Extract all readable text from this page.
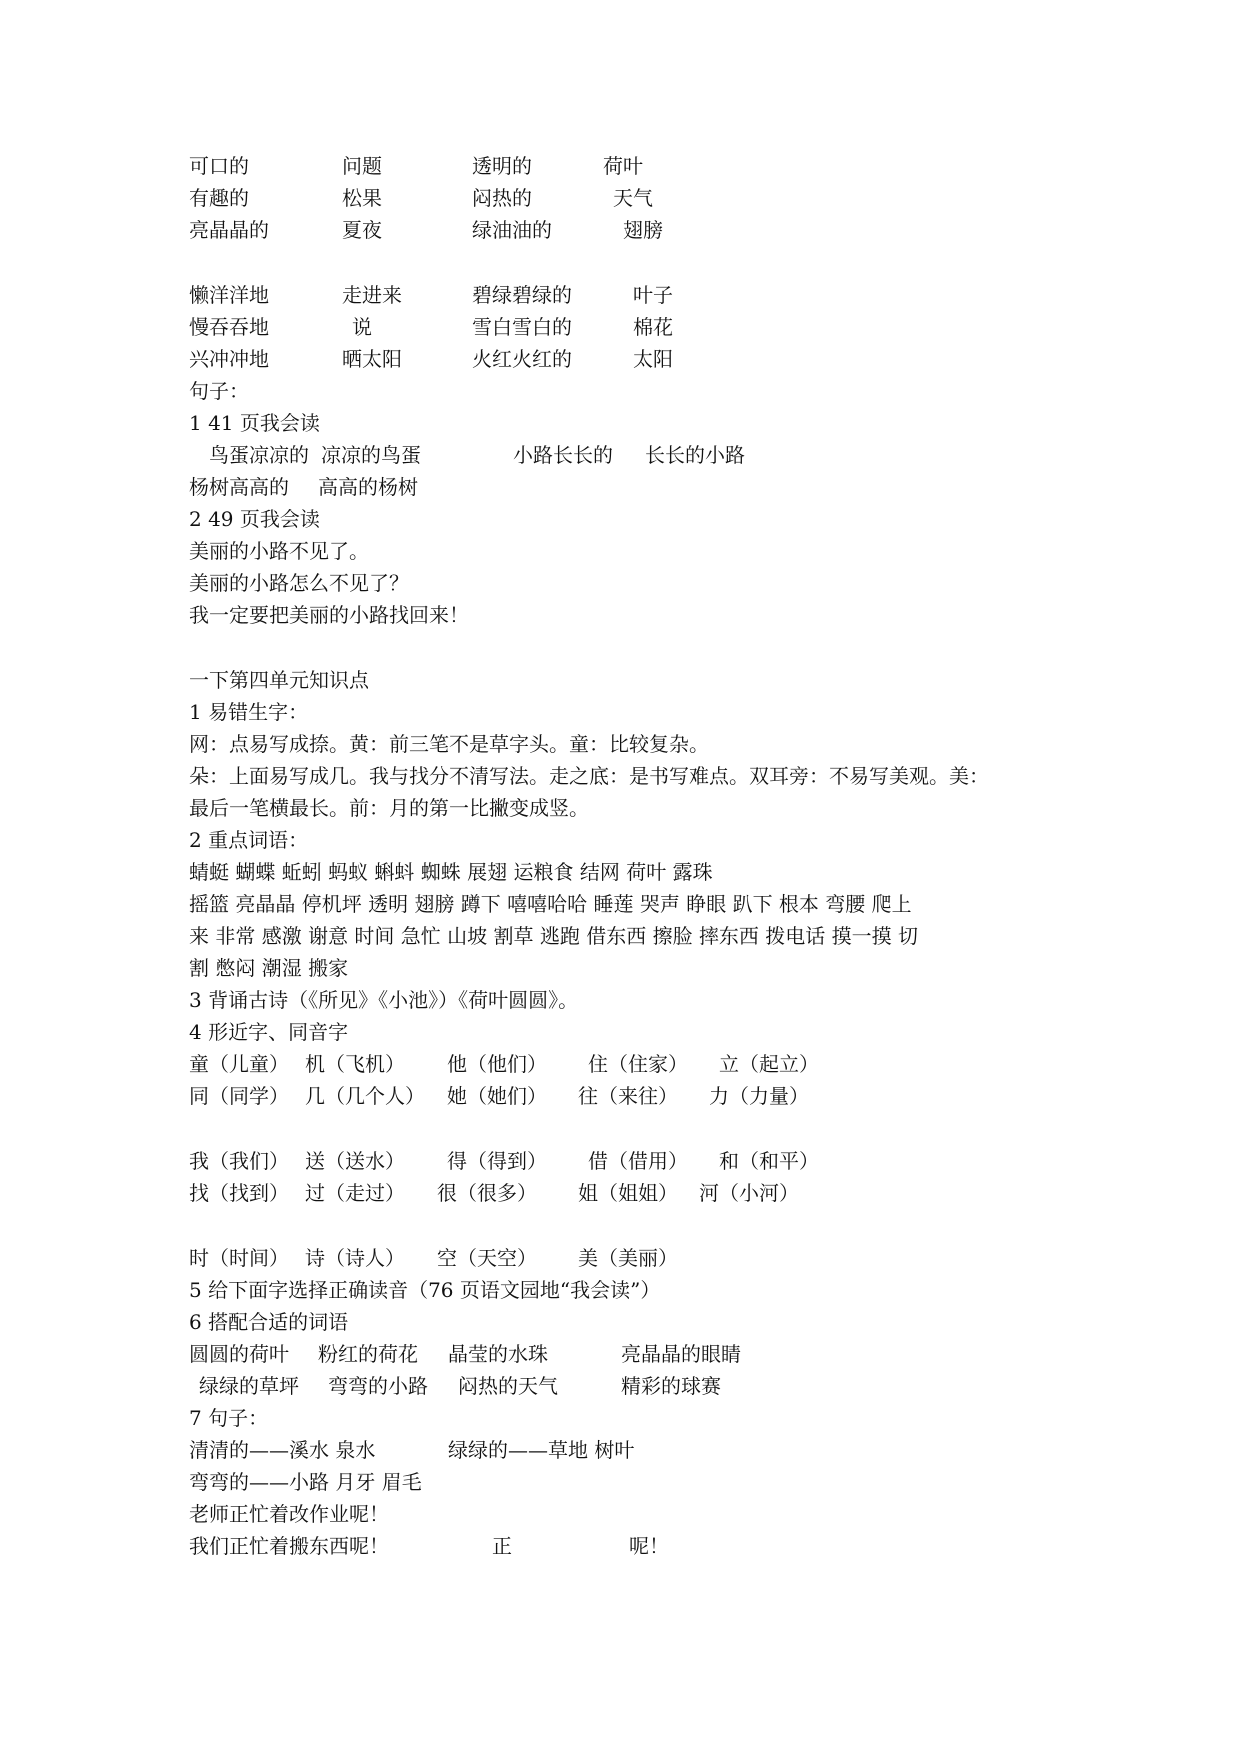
可口的	问题	透明的	荷叶
有趣的	松果	闷热的	天气
亮晶晶的	夏夜	绿油油的	翅膀
懒洋洋地	走进来	碧绿碧绿的	叶子
慢吞吞地	说	雪白雪白的	棉花
兴冲冲地	晒太阳	火红火红的	太阳
句子：
1 41 页我会读
鸟蛋凉凉的 凉凉的鸟蛋	小路长长的 长长的小路
杨树高高的 高高的杨树
2 49 页我会读
美丽的小路不见了。
美丽的小路怎么不见了？
我一定要把美丽的小路找回来！
一下第四单元知识点
1 易错生字：
网：点易写成捺。黄：前三笔不是草字头。童：比较复杂。
朵：上面易写成几。我与找分不清写法。走之底：是书写难点。双耳旁：不易写美观。美：
最后一笔横最长。前：月的第一比撇变成竖。
2 重点词语：
蜻蜓 蝴蝶 蚯蚓 蚂蚁 蝌蚪 蜘蛛 展翅 运粮食 结网 荷叶 露珠
摇篮 亮晶晶 停机坪 透明 翅膀 蹲下 嘻嘻哈哈 睡莲 哭声 睁眼 趴下 根本 弯腰 爬上
来 非常 感激 谢意 时间 急忙 山坡 割草 逃跑 借东西 擦脸 摔东西 拨电话 摸一摸 切
割 憋闷 潮湿 搬家
3 背诵古诗（《所见》《小池》）《荷叶圆圆》。
4 形近字、同音字
童（儿童） 机（飞机） 他（他们） 住（住家） 立（起立）
同（同学） 几（几个人） 她（她们） 往（来往） 力（力量）
我（我们） 送（送水） 得（得到） 借（借用） 和（和平）
找（找到） 过（走过） 很（很多） 姐（姐姐） 河（小河）
时（时间） 诗（诗人） 空（天空） 美（美丽）
5 给下面字选择正确读音（76 页语文园地“我会读”）
6 搭配合适的词语
圆圆的荷叶 粉红的荷花 晶莹的水珠	亮晶晶的眼睛
绿绿的草坪 弯弯的小路 闷热的天气	精彩的球赛
7 句子：
清清的——溪水 泉水	绿绿的——草地 树叶
弯弯的——小路 月牙 眉毛
老师正忙着改作业呢！
我们正忙着搬东西呢！	正	呢！
